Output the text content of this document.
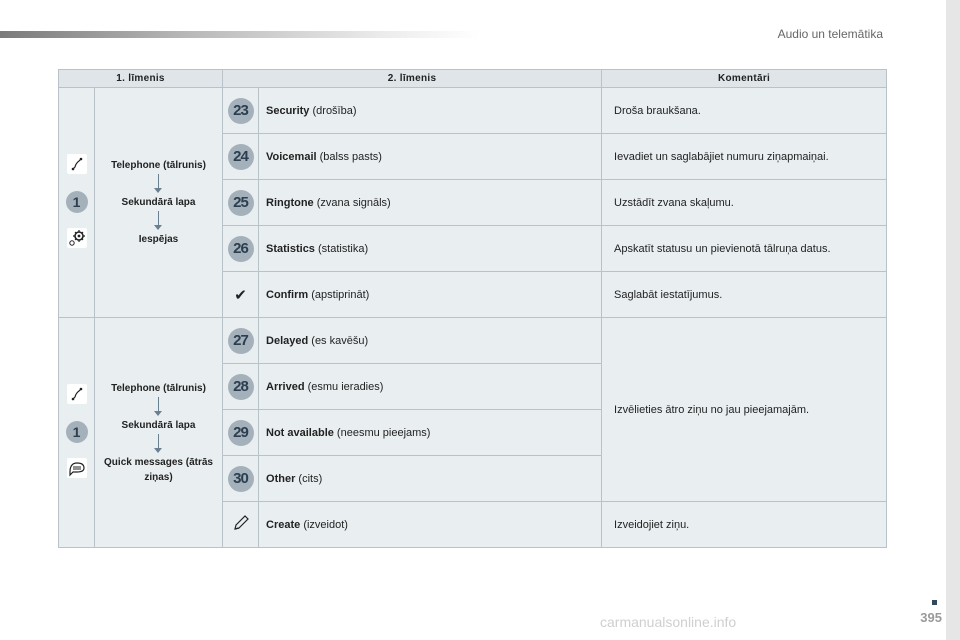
Audio un telemātika
1. līmenis		2. līmenis		Komentāri

1	Telephone (tālrunis)
Sekundārā lapa
Iespējas	23	Security (drošība)	Droša braukšana.
		24	Voicemail (balss pasts)	Ievadiet un saglabājiet numuru ziņapmaiņai.
		25	Ringtone (zvana signāls)	Uzstādīt zvana skaļumu.
		26	Statistics (statistika)	Apskatīt statusu un pievienotā tālruņa datus.
		✔	Confirm (apstiprināt)	Saglabāt iestatījumus.

1	Telephone (tālrunis)
Sekundārā lapa
Quick messages (ātrās ziņas)	27	Delayed (es kavēšu)	Izvēlieties ātro ziņu no jau pieejamajām.
		28	Arrived (esmu ieradies)	
		29	Not available (neesmu pieejams)	
		30	Other (cits)	
	Create (izveidot)	Izveidojiet ziņu.
395
carmanualsonline.info
